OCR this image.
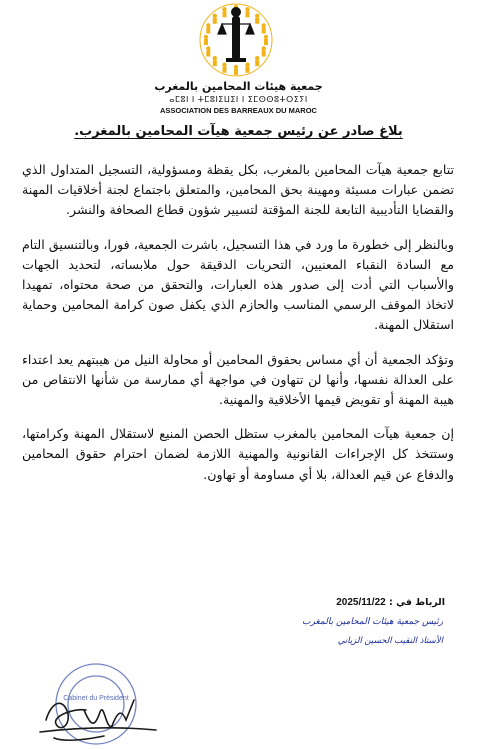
جمعية هيئات المحامين بالمغرب
ⴰⵎⵓⵏ ⵏ ⵜⵎⵓⵏⵉⵡⵉⵏ ⵏ ⵉⵎⵙⵙⵓⵜⵔⵉⵢⵏ
ASSOCIATION DES BARREAUX DU MAROC
بلاغ صادر عن رئيس جمعية هيآت المحامين بالمغرب.

تتابع جمعية هيآت المحامين بالمغرب، بكل يقظة ومسؤولية، التسجيل المتداول الذي تضمن عبارات مسيئة ومهينة بحق المحامين، والمتعلق باجتماع لجنة أخلاقيات المهنة والقضايا التأديبية التابعة للجنة المؤقتة لتسيير شؤون قطاع الصحافة والنشر.

وبالنظر إلى خطورة ما ورد في هذا التسجيل، باشرت الجمعية، فورا، وبالتنسيق التام مع السادة النقباء المعنيين، التحريات الدقيقة حول ملابساته، لتحديد الجهات والأسباب التي أدت إلى صدور هذه العبارات، والتحقق من صحة محتواه، تمهيدا لاتخاذ الموقف الرسمي المناسب والحازم الذي يكفل صون كرامة المحامين وحماية استقلال المهنة.

وتؤكد الجمعية أن أي مساس بحقوق المحامين أو محاولة النيل من هيبتهم يعد اعتداء على العدالة نفسها، وأنها لن تتهاون في مواجهة أي ممارسة من شأنها الانتقاص من هيبة المهنة أو تقويض قيمها الأخلاقية والمهنية.

إن جمعية هيآت المحامين بالمغرب ستظل الحصن المنيع لاستقلال المهنة وكرامتها، وستتخذ كل الإجراءات القانونية والمهنية اللازمة لضمان احترام حقوق المحامين والدفاع عن قيم العدالة، بلا أي مساومة أو تهاون.

الرباط في : 2025/11/22
رئيس جمعية هيئات المحامين بالمغرب
الأستاذ النقيب الحسين الزياني
Cabinet du Président
